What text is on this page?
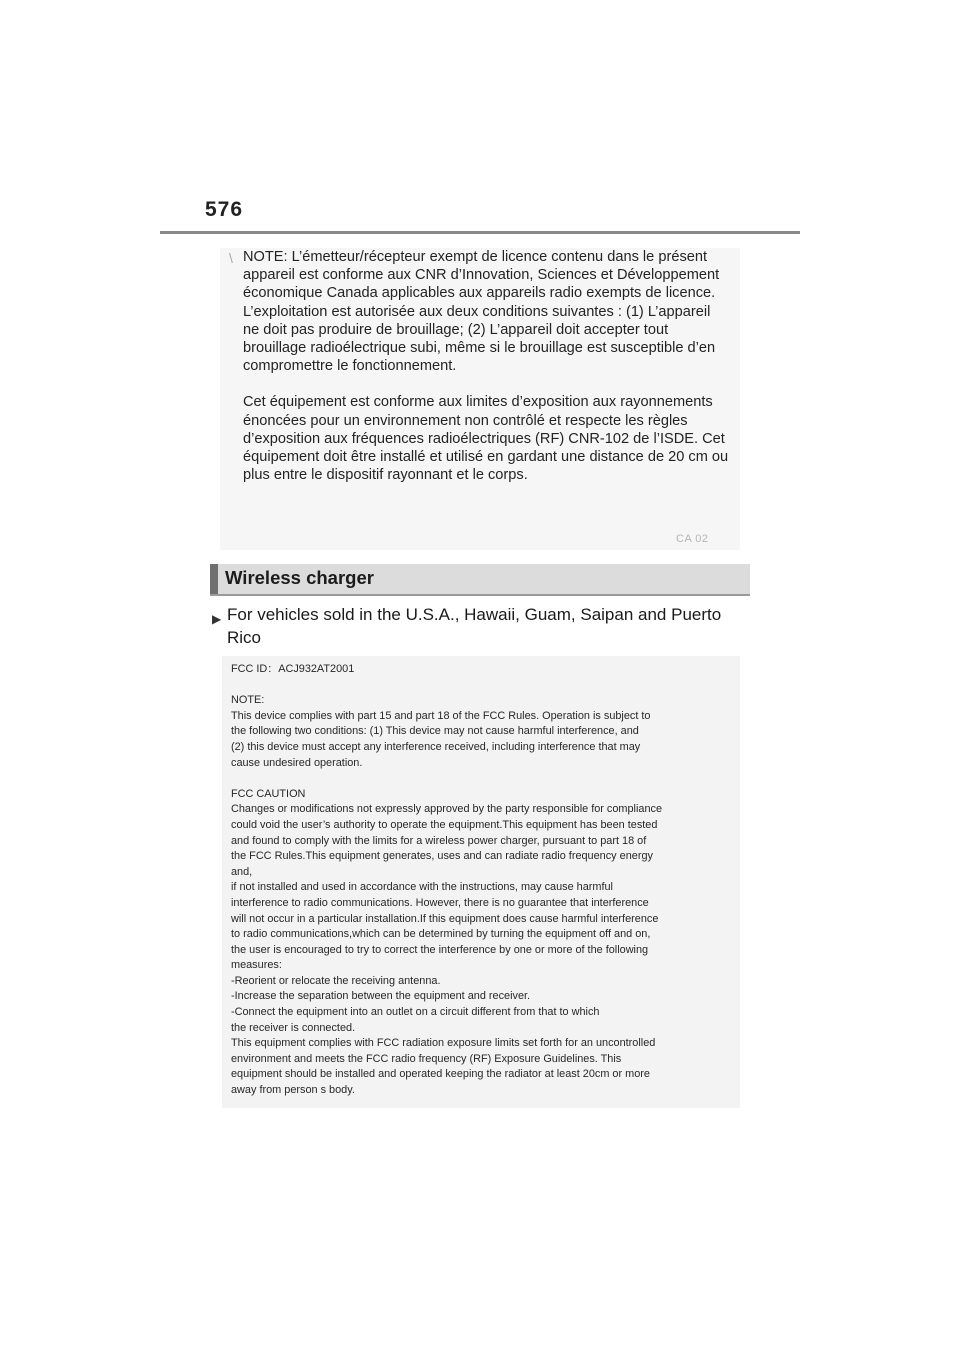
576
\ NOTE: L’émetteur/récepteur exempt de licence contenu dans le présent appareil est conforme aux CNR d’Innovation, Sciences et Développement économique Canada applicables aux appareils radio exempts de licence. L’exploitation est autorisée aux deux conditions suivantes : (1) L’appareil ne doit pas produire de brouillage; (2) L’appareil doit accepter tout brouillage radioélectrique subi, même si le brouillage est susceptible d’en compromettre le fonctionnement.

Cet équipement est conforme aux limites d’exposition aux rayonnements énoncées pour un environnement non contrôlé et respecte les règles d’exposition aux fréquences radioélectriques (RF) CNR-102 de l’ISDE. Cet équipement doit être installé et utilisé en gardant une distance de 20 cm ou plus entre le dispositif rayonnant et le corps.

CA 02
Wireless charger
▶ For vehicles sold in the U.S.A., Hawaii, Guam, Saipan and Puerto
Rico

FCC ID：ACJ932AT2001

NOTE:
This device complies with part 15 and part 18 of the FCC Rules. Operation is subject to
the following two conditions: (1) This device may not cause harmful interference, and
(2) this device must accept any interference received, including interference that may
cause undesired operation.

FCC CAUTION
Changes or modifications not expressly approved by the party responsible for compliance
could void the user’s authority to operate the equipment.This equipment has been tested
and found to comply with the limits for a wireless power charger, pursuant to part 18 of
the FCC Rules.This equipment generates, uses and can radiate radio frequency energy
and,
if not installed and used in accordance with the instructions, may cause harmful
interference to radio communications. However, there is no guarantee that interference
will not occur in a particular installation.If this equipment does cause harmful interference
to radio communications,which can be determined by turning the equipment off and on,
the user is encouraged to try to correct the interference by one or more of the following
measures:
-Reorient or relocate the receiving antenna.
-Increase the separation between the equipment and receiver.
-Connect the equipment into an outlet on a circuit different from that to which
the receiver is connected.
This equipment complies with FCC radiation exposure limits set forth for an uncontrolled
environment and meets the FCC radio frequency (RF) Exposure Guidelines. This
equipment should be installed and operated keeping the radiator at least 20cm or more
away from person s body.
